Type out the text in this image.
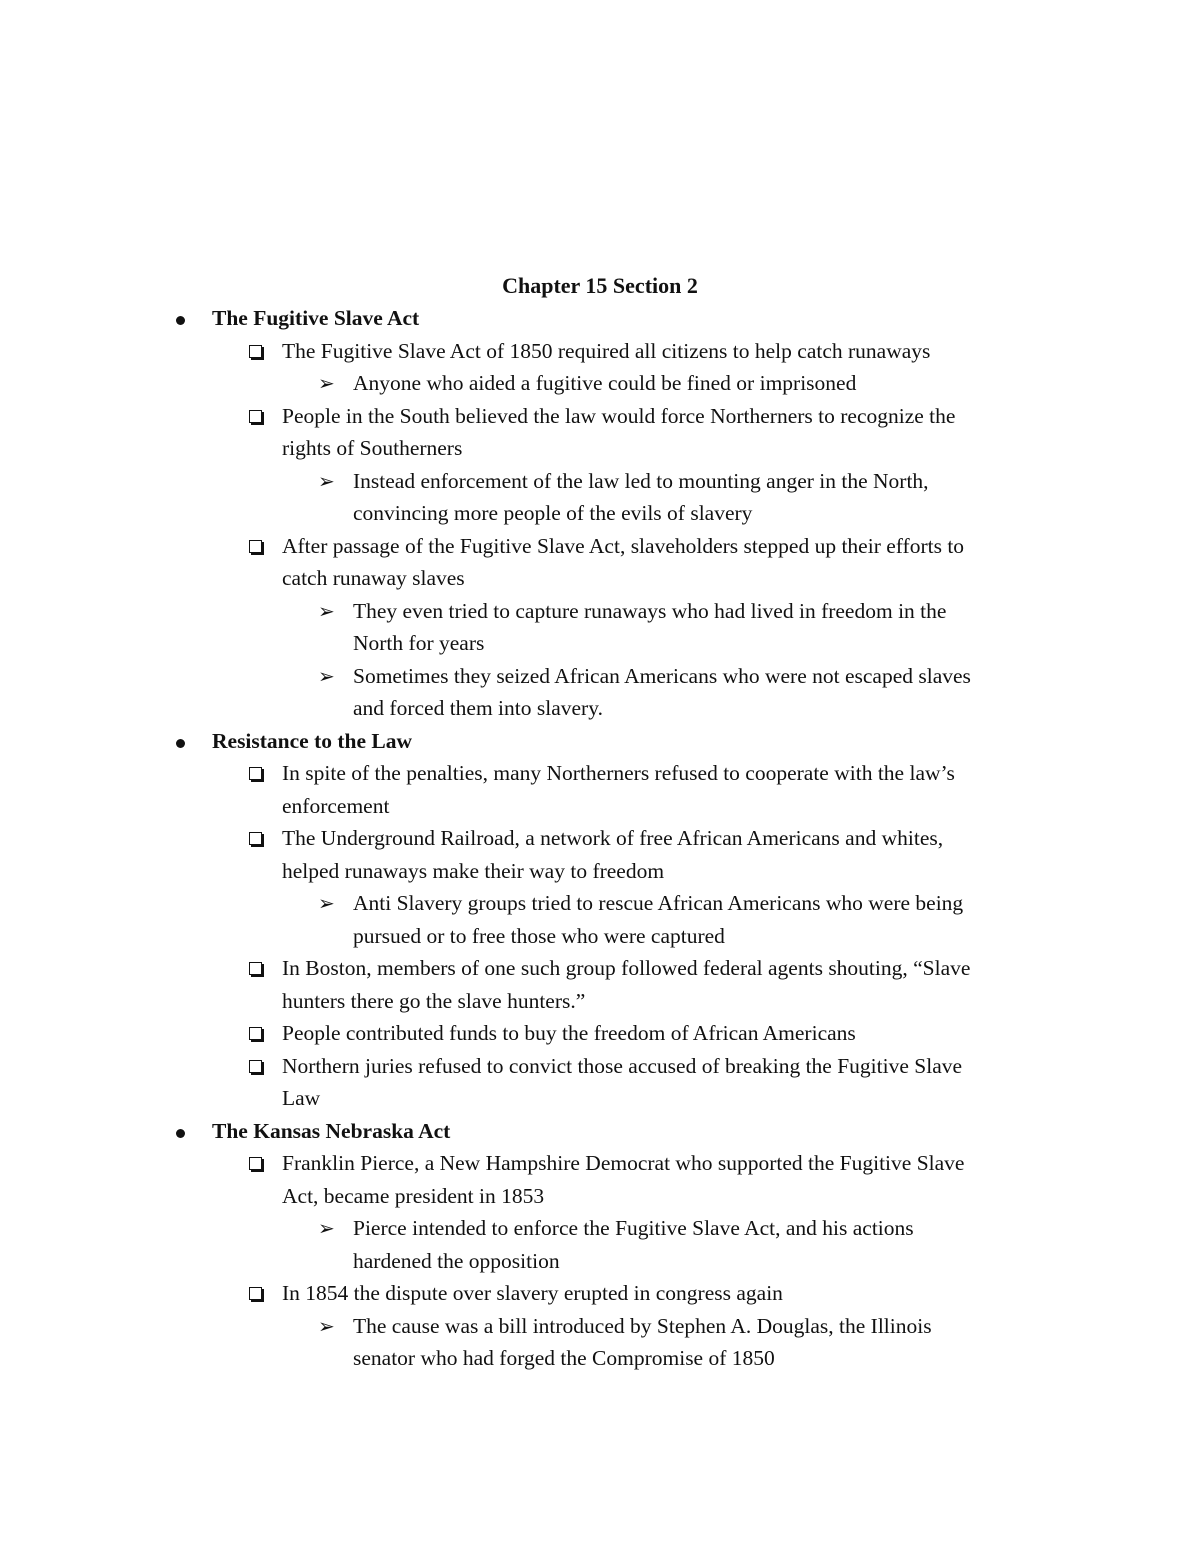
Chapter 15 Section 2
The Fugitive Slave Act
The Fugitive Slave Act of 1850 required all citizens to help catch runaways
➢ Anyone who aided a fugitive could be fined or imprisoned
People in the South believed the law would force Northerners to recognize the
rights of Southerners
➢ Instead enforcement of the law led to mounting anger in the North,
convincing more people of the evils of slavery
After passage of the Fugitive Slave Act, slaveholders stepped up their efforts to
catch runaway slaves
➢ They even tried to capture runaways who had lived in freedom in the
North for years
➢ Sometimes they seized African Americans who were not escaped slaves
and forced them into slavery.
Resistance to the Law
In spite of the penalties, many Northerners refused to cooperate with the law’s
enforcement
The Underground Railroad, a network of free African Americans and whites,
helped runaways make their way to freedom
➢ Anti Slavery groups tried to rescue African Americans who were being
pursued or to free those who were captured
In Boston, members of one such group followed federal agents shouting, “Slave
hunters there go the slave hunters.”
People contributed funds to buy the freedom of African Americans
Northern juries refused to convict those accused of breaking the Fugitive Slave
Law
The Kansas Nebraska Act
Franklin Pierce, a New Hampshire Democrat who supported the Fugitive Slave
Act, became president in 1853
➢ Pierce intended to enforce the Fugitive Slave Act, and his actions
hardened the opposition
In 1854 the dispute over slavery erupted in congress again
➢ The cause was a bill introduced by Stephen A. Douglas, the Illinois
senator who had forged the Compromise of 1850
